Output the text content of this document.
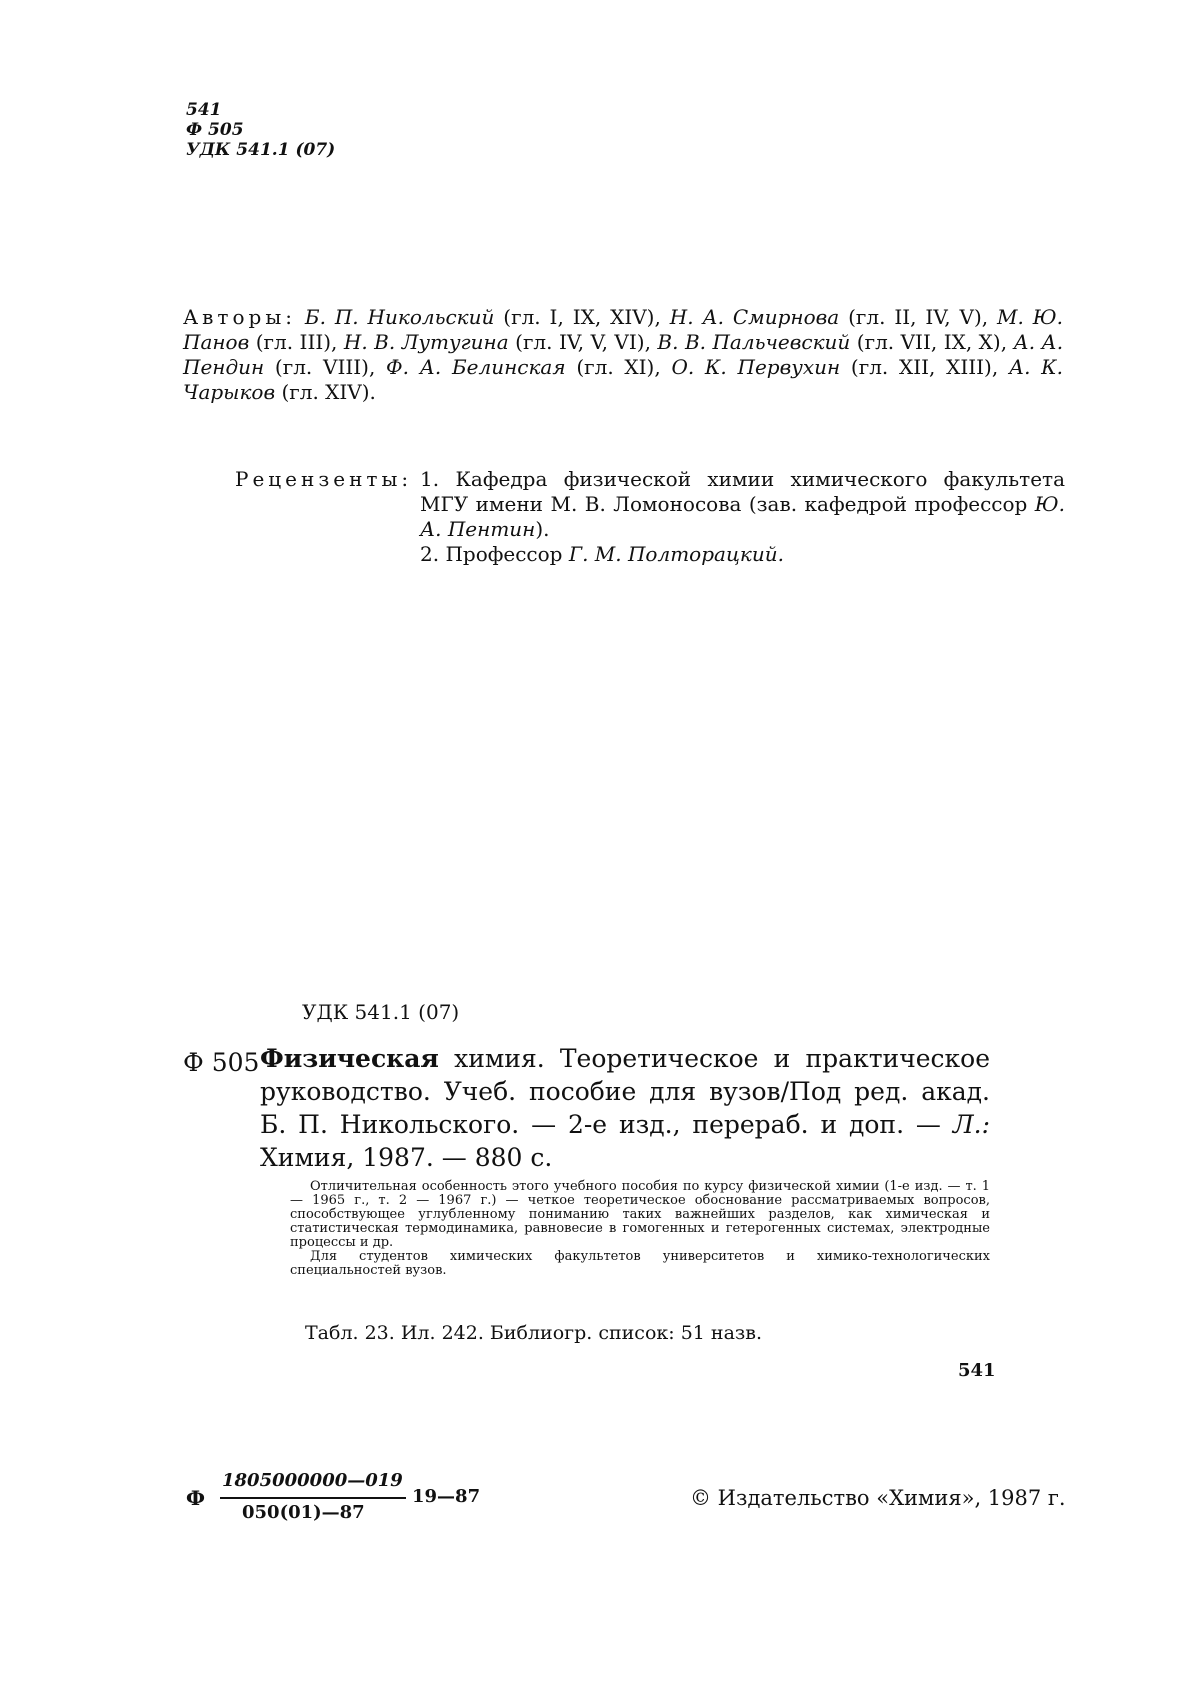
541
Ф 505
УДК 541.1 (07)
Авторы: Б. П. Никольский (гл. I, IX, XIV), Н. А. Смирнова (гл. II, IV, V), М. Ю. Панов (гл. III), Н. В. Лутугина (гл. IV, V, VI), В. В. Пальчевский (гл. VII, IX, X), А. А. Пендин (гл. VIII), Ф. А. Белинская (гл. XI), О. К. Первухин (гл. XII, XIII), А. К. Чарыков (гл. XIV).
Рецензенты: 1. Кафедра физической химии химического факультета МГУ имени М. В. Ломоносова (зав. кафедрой профессор Ю. А. Пентин).
2. Профессор Г. М. Полторацкий.
УДК 541.1 (07)
Ф 505 Физическая химия. Теоретическое и практическое руководство. Учеб. пособие для вузов/Под ред. акад. Б. П. Никольского. — 2-е изд., перераб. и доп. — Л.: Химия, 1987. — 880 с.

Отличительная особенность этого учебного пособия по курсу физической химии (1-е изд. — т. 1 — 1965 г., т. 2 — 1967 г.) — четкое теоретическое обоснование рассматриваемых вопросов, способствующее углубленному пониманию таких важнейших разделов, как химическая и статистическая термодинамика, равновесие в гомогенных и гетерогенных системах, электродные процессы и др.

Для студентов химических факультетов университетов и химико-технологических специальностей вузов.

Табл. 23. Ил. 242. Библиогр. список: 51 назв.
541
Ф
1805000000—019
050(01)—87
19—87	© Издательство «Химия», 1987 г.
